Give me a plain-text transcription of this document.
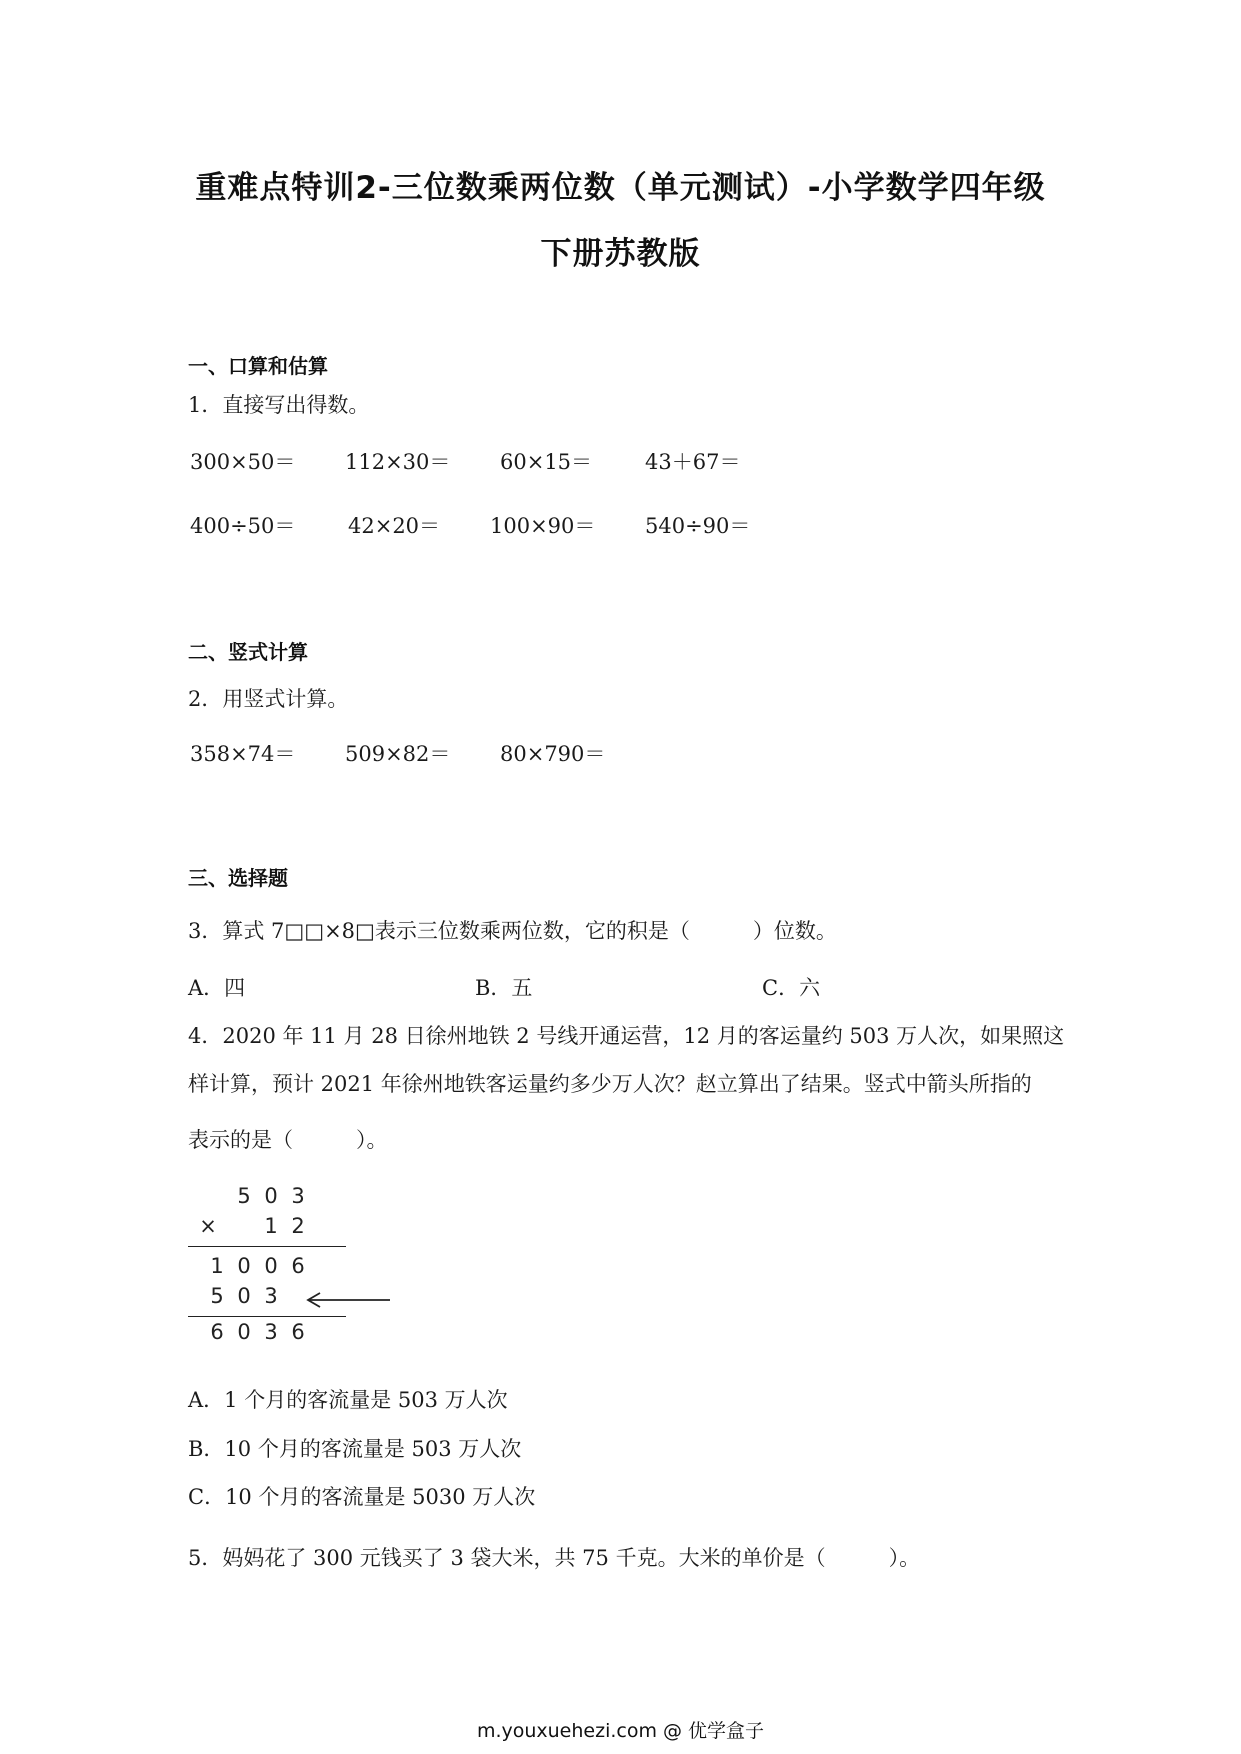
重难点特训2-三位数乘两位数（单元测试）-小学数学四年级
下册苏教版
一、口算和估算
1．直接写出得数。
300×50＝ 112×30＝ 60×15＝	43＋67＝
400÷50＝	42×20＝ 100×90＝ 540÷90＝
二、竖式计算
2．用竖式计算。
358×74＝ 509×82＝ 80×790＝
三、选择题
3．算式 7□□×8□表示三位数乘两位数，它的积是（　　　）位数。
A．四	B．五	C．六
4．2020 年 11 月 28 日徐州地铁 2 号线开通运营，12 月的客运量约 503 万人次，如果照这
样计算，预计 2021 年徐州地铁客运量约多少万人次？赵立算出了结果。竖式中箭头所指的
表示的是（　　　）。
5 0 3
× 1 2
1 0 0 6
5 0 3
6 0 3 6
A．1 个月的客流量是 503 万人次
B．10 个月的客流量是 503 万人次
C．10 个月的客流量是 5030 万人次
5．妈妈花了 300 元钱买了 3 袋大米，共 75 千克。大米的单价是（　　　）。
m.youxuehezi.com @ 优学盒子
